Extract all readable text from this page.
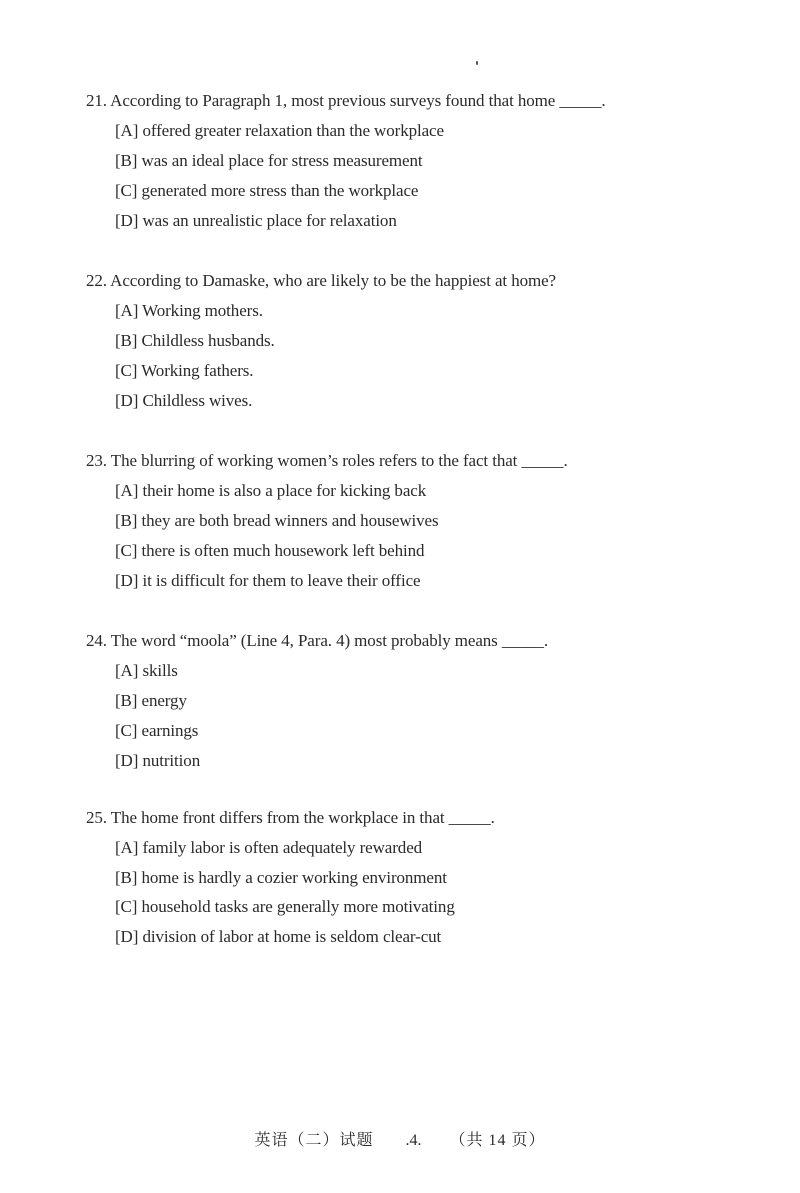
21. According to Paragraph 1, most previous surveys found that home _____.
[A] offered greater relaxation than the workplace
[B] was an ideal place for stress measurement
[C] generated more stress than the workplace
[D] was an unrealistic place for relaxation
22. According to Damaske, who are likely to be the happiest at home?
[A] Working mothers.
[B] Childless husbands.
[C] Working fathers.
[D] Childless wives.
23. The blurring of working women’s roles refers to the fact that _____.
[A] their home is also a place for kicking back
[B] they are both bread winners and housewives
[C] there is often much housework left behind
[D] it is difficult for them to leave their office
24. The word “moola” (Line 4, Para. 4) most probably means _____.
[A] skills
[B] energy
[C] earnings
[D] nutrition
25. The home front differs from the workplace in that _____.
[A] family labor is often adequately rewarded
[B] home is hardly a cozier working environment
[C] household tasks are generally more motivating
[D] division of labor at home is seldom clear-cut
英语（二）试题 .4. （共 14 页）
